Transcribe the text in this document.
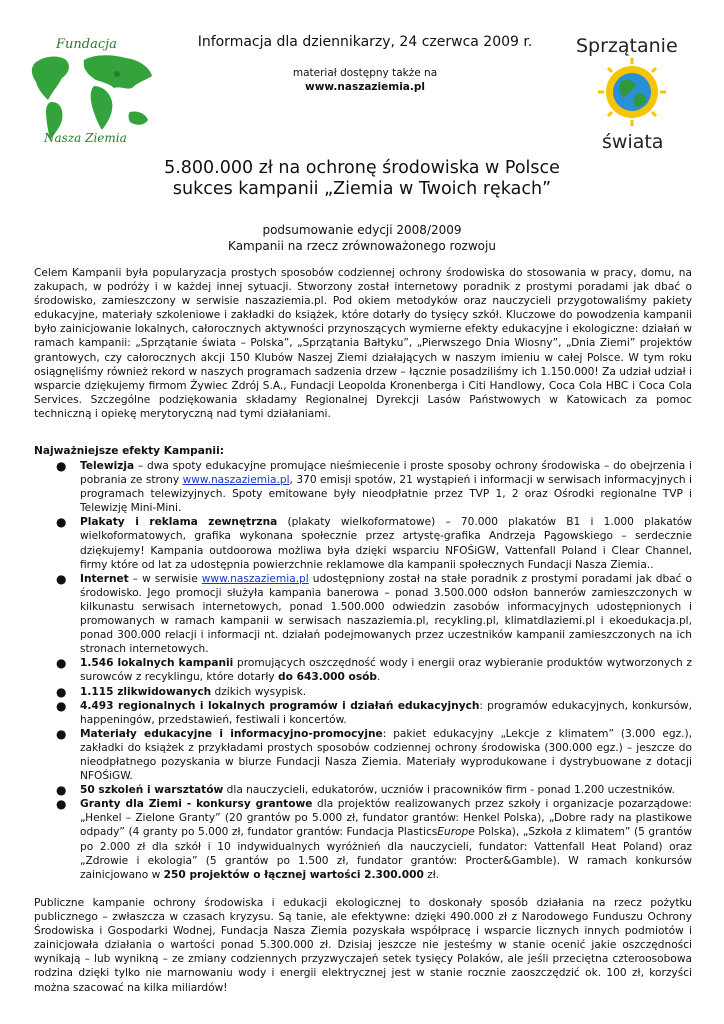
Fundacja
Nasza Ziemia
Sprzątanie
świata
Informacja dla dziennikarzy, 24 czerwca 2009 r.
materiał dostępny także na
www.naszaziemia.pl
5.800.000 zł na ochronę środowiska w Polsce
sukces kampanii „Ziemia w Twoich rękach”
podsumowanie edycji 2008/2009
Kampanii na rzecz zrównoważonego rozwoju

Celem Kampanii była popularyzacja prostych sposobów codziennej ochrony środowiska do stosowania w pracy, domu, na zakupach, w podróży i w każdej innej sytuacji. Stworzony został internetowy poradnik z prostymi poradami jak dbać o środowisko, zamieszczony w serwisie naszaziemia.pl. Pod okiem metodyków oraz nauczycieli przygotowaliśmy pakiety edukacyjne, materiały szkoleniowe i zakładki do książek, które dotarły do tysięcy szkół. Kluczowe do powodzenia kampanii było zainicjowanie lokalnych, całorocznych aktywności przynoszących wymierne efekty edukacyjne i ekologiczne: działań w ramach kampanii: „Sprzątanie świata – Polska”, „Sprzątania Bałtyku”, „Pierwszego Dnia Wiosny”, „Dnia Ziemi” projektów grantowych, czy całorocznych akcji 150 Klubów Naszej Ziemi działających w naszym imieniu w całej Polsce. W tym roku osiągnęliśmy również rekord w naszych programach sadzenia drzew – łącznie posadziliśmy ich 1.150.000! Za udział udział i wsparcie dziękujemy firmom Żywiec Zdrój S.A., Fundacji Leopolda Kronenberga i Citi Handlowy, Coca Cola HBC i Coca Cola Services. Szczególne podziękowania składamy Regionalnej Dyrekcji Lasów Państwowych w Katowicach za pomoc techniczną i opiekę merytoryczną nad tymi działaniami.

Najważniejsze efekty Kampanii:
● Telewizja – dwa spoty edukacyjne promujące nieśmiecenie i proste sposoby ochrony środowiska – do obejrzenia i pobrania ze strony www.naszaziemia.pl, 370 emisji spotów, 21 wystąpień i informacji w serwisach informacyjnych i programach telewizyjnych. Spoty emitowane były nieodpłatnie przez TVP 1, 2 oraz Ośrodki regionalne TVP i Telewizję Mini-Mini.
● Plakaty i reklama zewnętrzna (plakaty wielkoformatowe) – 70.000 plakatów B1 i 1.000 plakatów wielkoformatowych, grafika wykonana społecznie przez artystę-grafika Andrzeja Pągowskiego – serdecznie dziękujemy! Kampania outdoorowa możliwa była dzięki wsparciu NFOŚiGW, Vattenfall Poland i Clear Channel, firmy które od lat za udostępnia powierzchnie reklamowe dla kampanii społecznych Fundacji Nasza Ziemia..
● Internet – w serwisie www.naszaziemia.pl udostępniony został na stałe poradnik z prostymi poradami jak dbać o środowisko. Jego promocji służyła kampania banerowa – ponad 3.500.000 odsłon bannerów zamieszczonych w kilkunastu serwisach internetowych, ponad 1.500.000 odwiedzin zasobów informacyjnych udostępnionych i promowanych w ramach kampanii w serwisach naszaziemia.pl, recykling.pl, klimatdlaziemi.pl i ekoedukacja.pl, ponad 300.000 relacji i informacji nt. działań podejmowanych przez uczestników kampanii zamieszczonych na ich stronach internetowych.
● 1.546 lokalnych kampanii promujących oszczędność wody i energii oraz wybieranie produktów wytworzonych z surowców z recyklingu, które dotarły do 643.000 osób.
● 1.115 zlikwidowanych dzikich wysypisk.
● 4.493 regionalnych i lokalnych programów i działań edukacyjnych: programów edukacyjnych, konkursów, happeningów, przedstawień, festiwali i koncertów.
● Materiały edukacyjne i informacyjno-promocyjne: pakiet edukacyjny „Lekcje z klimatem” (3.000 egz.), zakładki do książek z przykładami prostych sposobów codziennej ochrony środowiska (300.000 egz.) – jeszcze do nieodpłatnego pozyskania w biurze Fundacji Nasza Ziemia. Materiały wyprodukowane i dystrybuowane z dotacji NFOŚiGW.
● 50 szkoleń i warsztatów dla nauczycieli, edukatorów, uczniów i pracowników firm - ponad 1.200 uczestników.
● Granty dla Ziemi - konkursy grantowe dla projektów realizowanych przez szkoły i organizacje pozarządowe: „Henkel – Zielone Granty” (20 grantów po 5.000 zł, fundator grantów: Henkel Polska), „Dobre rady na plastikowe odpady” (4 granty po 5.000 zł, fundator grantów: Fundacja PlasticsEurope Polska), „Szkoła z klimatem” (5 grantów po 2.000 zł dla szkół i 10 indywidualnych wyróżnień dla nauczycieli, fundator: Vattenfall Heat Poland) oraz „Zdrowie i ekologia” (5 grantów po 1.500 zł, fundator grantów: Procter&Gamble). W ramach konkursów zainicjowano w 250 projektów o łącznej wartości 2.300.000 zł.

Publiczne kampanie ochrony środowiska i edukacji ekologicznej to doskonały sposób działania na rzecz pożytku publicznego – zwłaszcza w czasach kryzysu. Są tanie, ale efektywne: dzięki 490.000 zł z Narodowego Funduszu Ochrony Środowiska i Gospodarki Wodnej, Fundacja Nasza Ziemia pozyskała współpracę i wsparcie licznych innych podmiotów i zainicjowała działania o wartości ponad 5.300.000 zł. Dzisiaj jeszcze nie jesteśmy w stanie ocenić jakie oszczędności wynikają – lub wynikną – ze zmiany codziennych przyzwyczajeń setek tysięcy Polaków, ale jeśli przeciętna czteroosobowa rodzina dzięki tylko nie marnowaniu wody i energii elektrycznej jest w stanie rocznie zaoszczędzić ok. 100 zł, korzyści można szacować na kilka miliardów!
